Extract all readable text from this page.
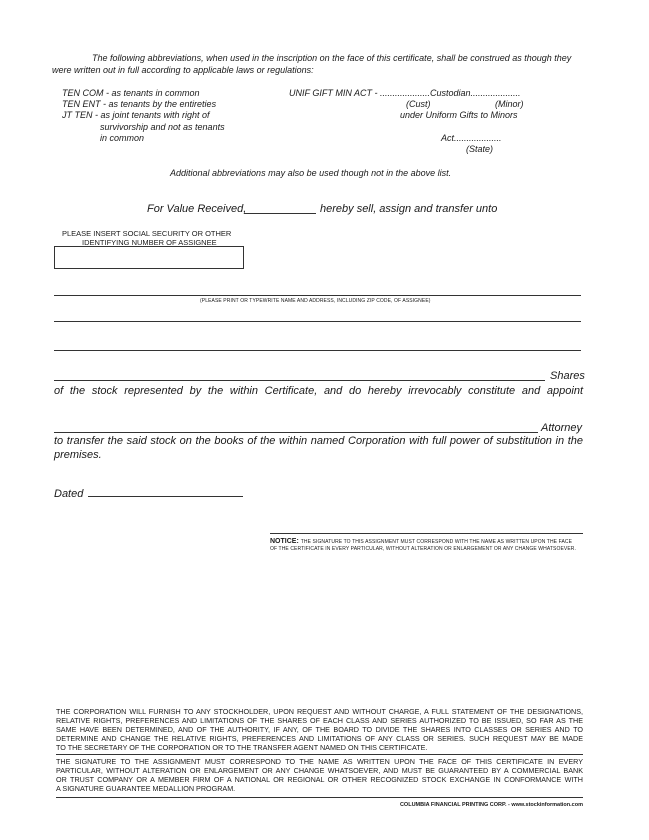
The following abbreviations, when used in the inscription on the face of this certificate, shall be construed as though they
were written out in full according to applicable laws or regulations:
TEN COM - as tenants in common
TEN ENT - as tenants by the entireties
JT TEN - as joint tenants with right of
survivorship and not as tenants
in common
UNIF GIFT MIN ACT - ....................Custodian....................
(Cust)	(Minor)
under Uniform Gifts to Minors
Act...................
(State)
Additional abbreviations may also be used though not in the above list.
For Value Received,	hereby sell, assign and transfer unto
PLEASE INSERT SOCIAL SECURITY OR OTHER
IDENTIFYING NUMBER OF ASSIGNEE
(PLEASE PRINT OR TYPEWRITE NAME AND ADDRESS, INCLUDING ZIP CODE, OF ASSIGNEE)
Shares
of the stock represented by the within Certificate, and do hereby irrevocably constitute and appoint
Attorney
to transfer the said stock on the books of the within named Corporation with full power of substitution in the
premises.
Dated
NOTICE: THE SIGNATURE TO THIS ASSIGNMENT MUST CORRESPOND WITH THE NAME AS WRITTEN UPON THE FACE
OF THE CERTIFICATE IN EVERY PARTICULAR, WITHOUT ALTERATION OR ENLARGEMENT OR ANY CHANGE WHATSOEVER.
THE CORPORATION WILL FURNISH TO ANY STOCKHOLDER, UPON REQUEST AND WITHOUT CHARGE, A FULL STATEMENT OF THE DESIGNATIONS,
RELATIVE RIGHTS, PREFERENCES AND LIMITATIONS OF THE SHARES OF EACH CLASS AND SERIES AUTHORIZED TO BE ISSUED, SO FAR AS THE
SAME HAVE BEEN DETERMINED, AND OF THE AUTHORITY, IF ANY, OF THE BOARD TO DIVIDE THE SHARES INTO CLASSES OR SERIES AND TO
DETERMINE AND CHANGE THE RELATIVE RIGHTS, PREFERENCES AND LIMITATIONS OF ANY CLASS OR SERIES. SUCH REQUEST MAY BE MADE
TO THE SECRETARY OF THE CORPORATION OR TO THE TRANSFER AGENT NAMED ON THIS CERTIFICATE.
THE SIGNATURE TO THE ASSIGNMENT MUST CORRESPOND TO THE NAME AS WRITTEN UPON THE FACE OF THIS CERTIFICATE IN EVERY
PARTICULAR, WITHOUT ALTERATION OR ENLARGEMENT OR ANY CHANGE WHATSOEVER, AND MUST BE GUARANTEED BY A COMMERCIAL BANK
OR TRUST COMPANY OR A MEMBER FIRM OF A NATIONAL OR REGIONAL OR OTHER RECOGNIZED STOCK EXCHANGE IN CONFORMANCE WITH
A SIGNATURE GUARANTEE MEDALLION PROGRAM.
COLUMBIA FINANCIAL PRINTING CORP. - www.stockinformation.com
